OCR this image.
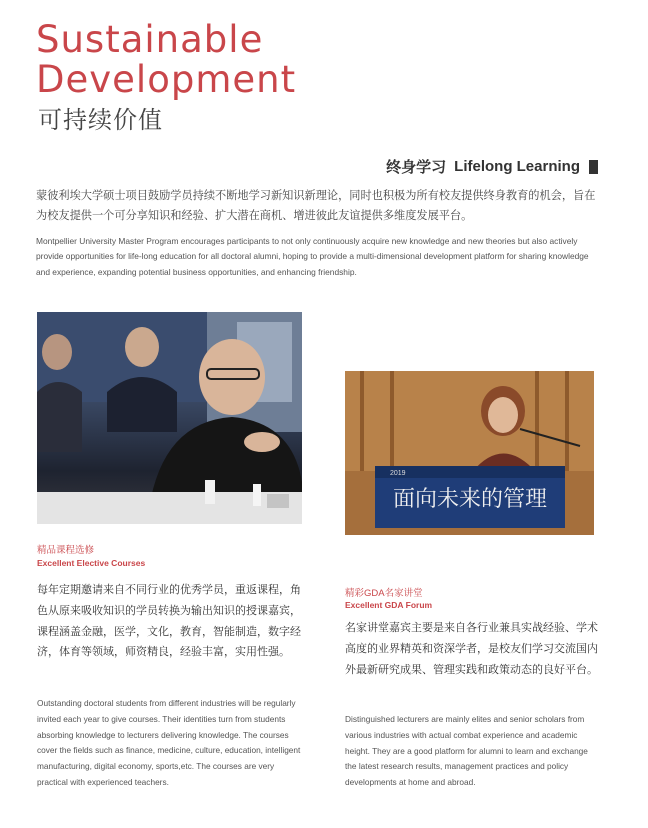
Sustainable
Development
可持续价值
终身学习 Lifelong Learning

蒙彼利埃大学硕士项目鼓励学员持续不断地学习新知识新理论，同时也积极为所有校友提供终身教育的机会，旨在为校友提供一个可分享知识和经验、扩大潜在商机、增进彼此友谊提供多维度发展平台。

Montpellier University Master Program encourages participants to not only continuously acquire new knowledge and new theories but also actively provide opportunities for life-long education for all doctoral alumni, hoping to provide a multi-dimensional development platform for sharing knowledge and experience, expanding potential business opportunities, and enhancing friendship.

2019
面向未来的管理

精品课程选修

Excellent Elective Courses

每年定期邀请来自不同行业的优秀学员，重返课程，角色从原来吸收知识的学员转换为输出知识的授课嘉宾，课程涵盖金融，医学，文化，教育，智能制造，数字经济，体育等领域，师资精良，经验丰富，实用性强。

Outstanding doctoral students from different industries will be regularly invited each year to give courses. Their identities turn from students absorbing knowledge to lecturers delivering knowledge. The courses cover the fields such as finance, medicine, culture, education, intelligent manufacturing, digital economy, sports,etc. The courses are very practical with experienced teachers.

精彩GDA名家讲堂

Excellent GDA Forum

名家讲堂嘉宾主要是来自各行业兼具实战经验、学术高度的业界精英和资深学者，是校友们学习交流国内外最新研究成果、管理实践和政策动态的良好平台。

Distinguished lecturers are mainly elites and senior scholars from various industries with actual combat experience and academic height. They are a good platform for alumni to learn and exchange the latest research results, management practices and policy developments at home and abroad.
